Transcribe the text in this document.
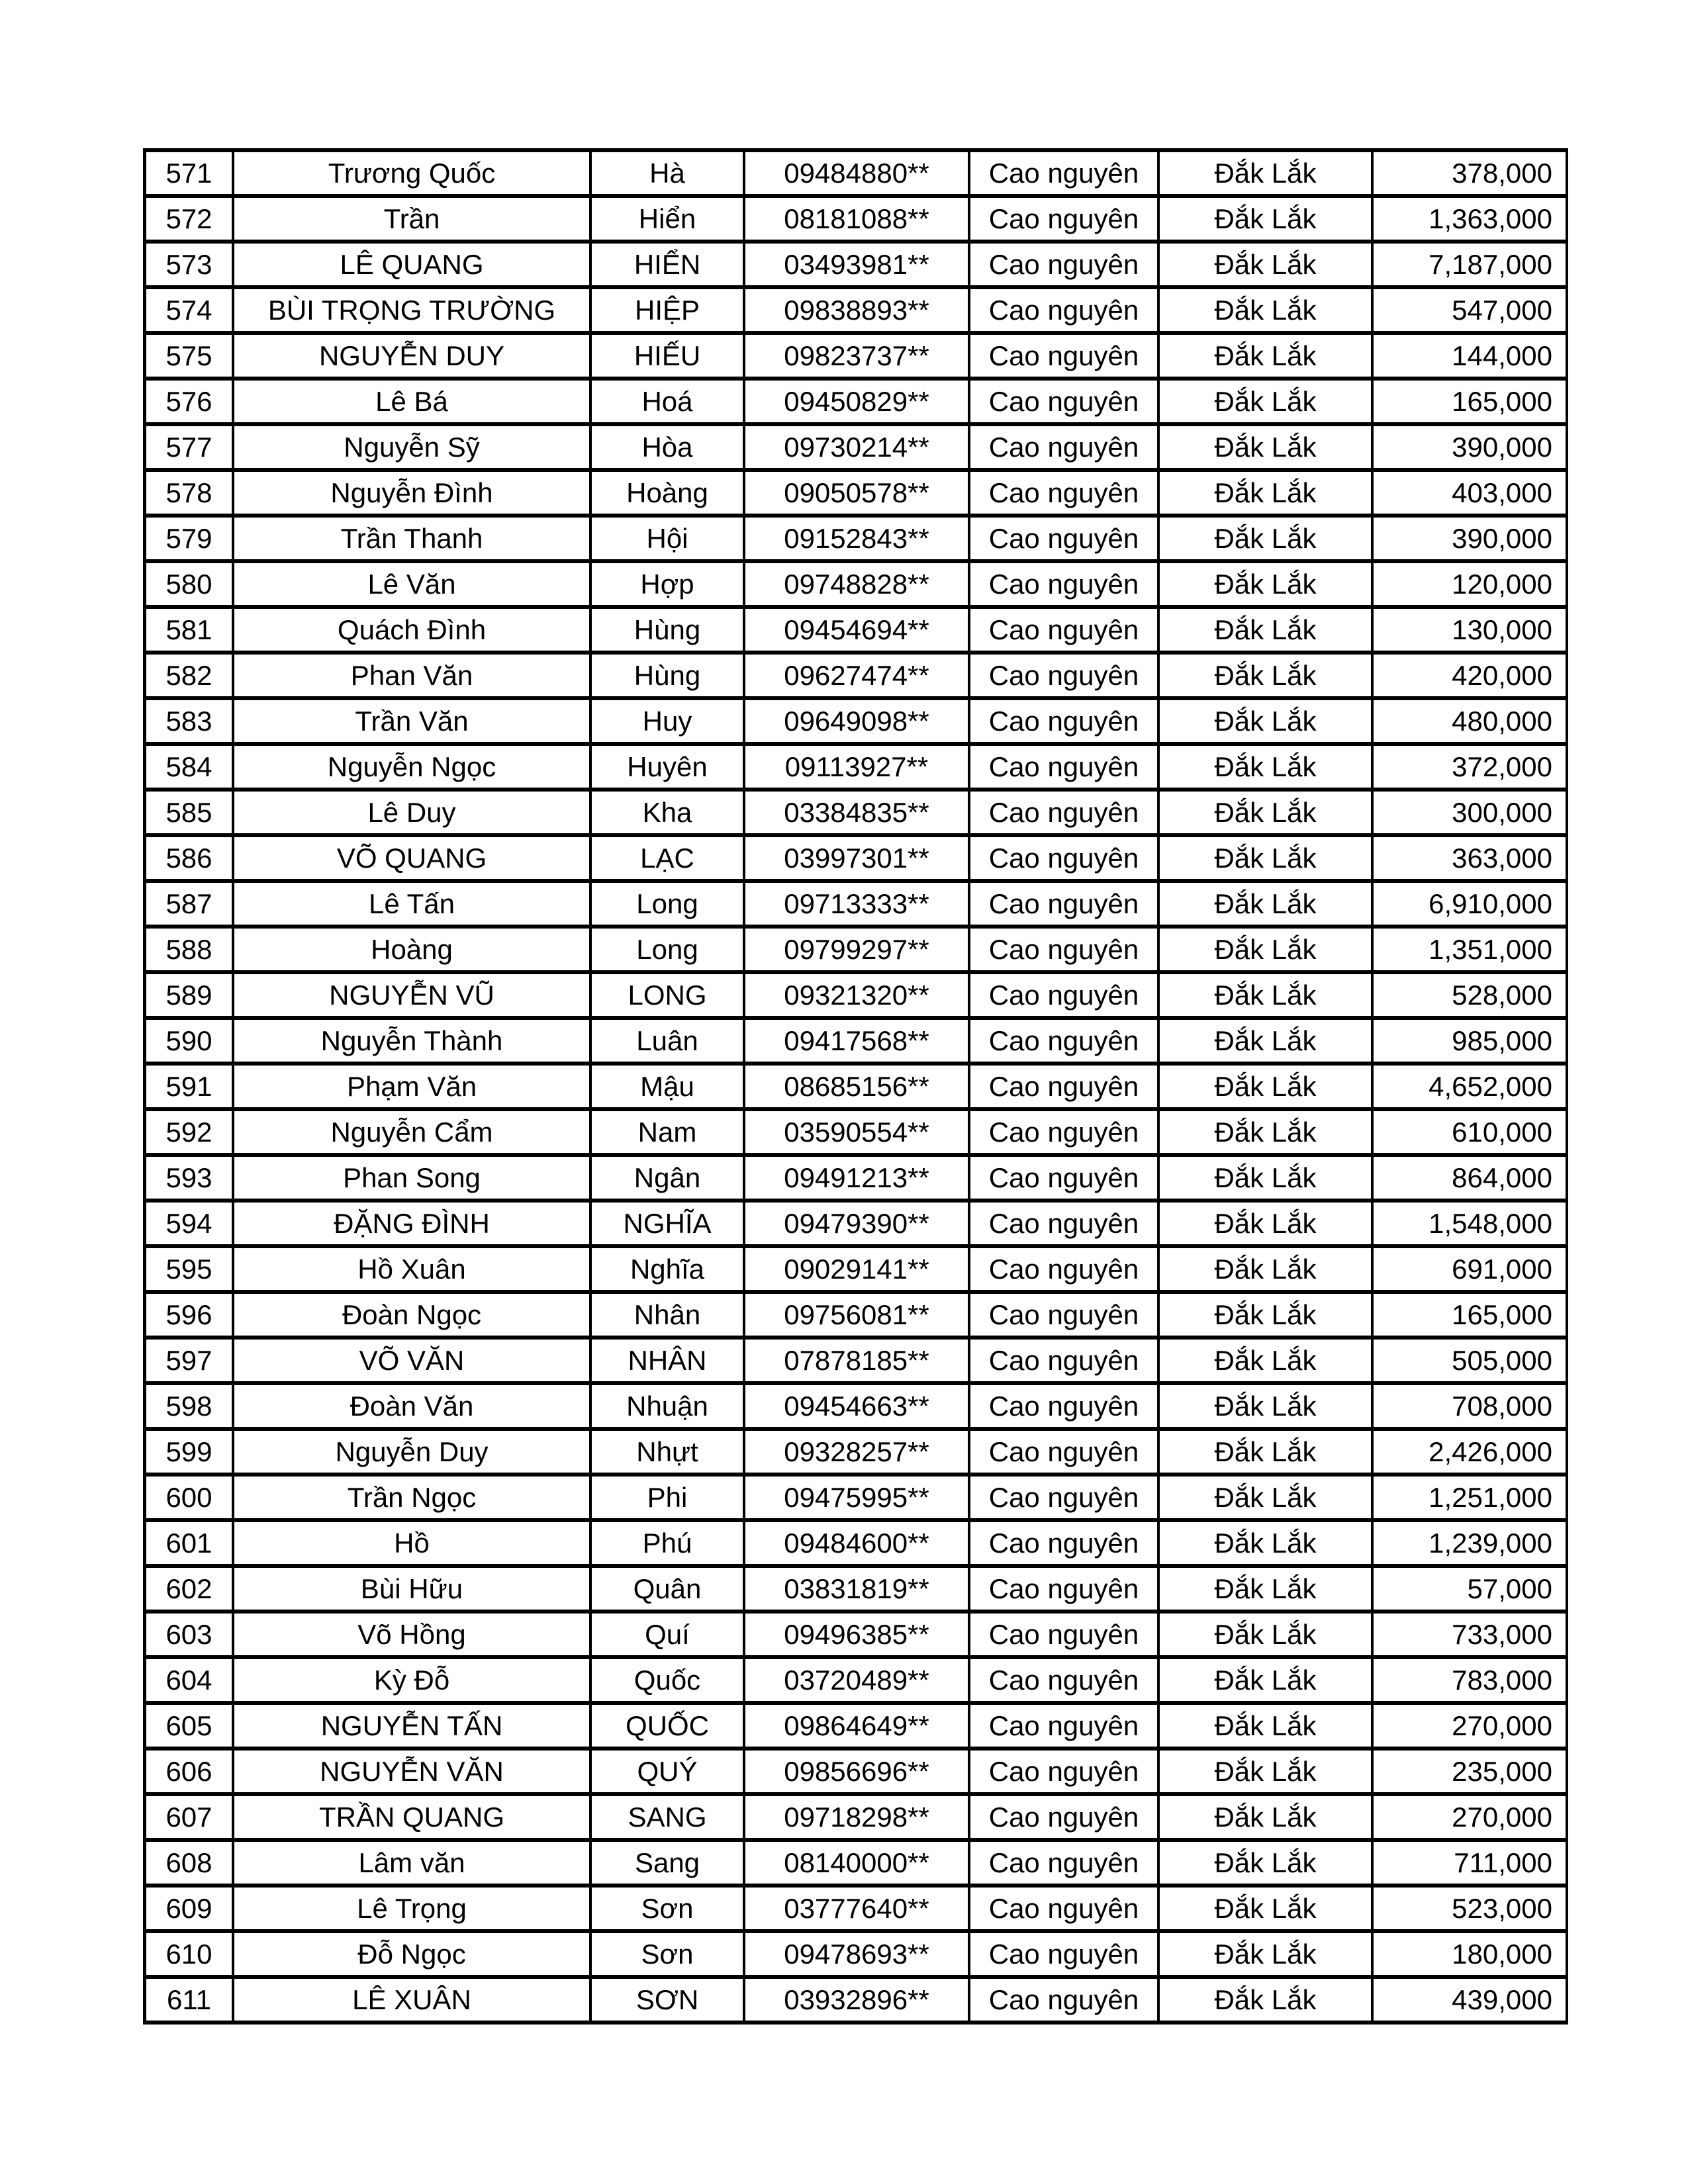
571	Trương Quốc	Hà	09484880**	Cao nguyên	Đắk Lắk	378,000
572	Trần	Hiển	08181088**	Cao nguyên	Đắk Lắk	1,363,000
573	LÊ QUANG	HIỂN	03493981**	Cao nguyên	Đắk Lắk	7,187,000
574	BÙI TRỌNG TRƯỜNG	HIỆP	09838893**	Cao nguyên	Đắk Lắk	547,000
575	NGUYỄN DUY	HIẾU	09823737**	Cao nguyên	Đắk Lắk	144,000
576	Lê Bá	Hoá	09450829**	Cao nguyên	Đắk Lắk	165,000
577	Nguyễn Sỹ	Hòa	09730214**	Cao nguyên	Đắk Lắk	390,000
578	Nguyễn Đình	Hoàng	09050578**	Cao nguyên	Đắk Lắk	403,000
579	Trần Thanh	Hội	09152843**	Cao nguyên	Đắk Lắk	390,000
580	Lê Văn	Hợp	09748828**	Cao nguyên	Đắk Lắk	120,000
581	Quách Đình	Hùng	09454694**	Cao nguyên	Đắk Lắk	130,000
582	Phan Văn	Hùng	09627474**	Cao nguyên	Đắk Lắk	420,000
583	Trần Văn	Huy	09649098**	Cao nguyên	Đắk Lắk	480,000
584	Nguyễn Ngọc	Huyên	09113927**	Cao nguyên	Đắk Lắk	372,000
585	Lê Duy	Kha	03384835**	Cao nguyên	Đắk Lắk	300,000
586	VÕ QUANG	LẠC	03997301**	Cao nguyên	Đắk Lắk	363,000
587	Lê Tấn	Long	09713333**	Cao nguyên	Đắk Lắk	6,910,000
588	Hoàng	Long	09799297**	Cao nguyên	Đắk Lắk	1,351,000
589	NGUYỄN VŨ	LONG	09321320**	Cao nguyên	Đắk Lắk	528,000
590	Nguyễn Thành	Luân	09417568**	Cao nguyên	Đắk Lắk	985,000
591	Phạm Văn	Mậu	08685156**	Cao nguyên	Đắk Lắk	4,652,000
592	Nguyễn Cẩm	Nam	03590554**	Cao nguyên	Đắk Lắk	610,000
593	Phan Song	Ngân	09491213**	Cao nguyên	Đắk Lắk	864,000
594	ĐẶNG ĐÌNH	NGHĨA	09479390**	Cao nguyên	Đắk Lắk	1,548,000
595	Hồ Xuân	Nghĩa	09029141**	Cao nguyên	Đắk Lắk	691,000
596	Đoàn Ngọc	Nhân	09756081**	Cao nguyên	Đắk Lắk	165,000
597	VÕ VĂN	NHÂN	07878185**	Cao nguyên	Đắk Lắk	505,000
598	Đoàn Văn	Nhuận	09454663**	Cao nguyên	Đắk Lắk	708,000
599	Nguyễn Duy	Nhựt	09328257**	Cao nguyên	Đắk Lắk	2,426,000
600	Trần Ngọc	Phi	09475995**	Cao nguyên	Đắk Lắk	1,251,000
601	Hồ	Phú	09484600**	Cao nguyên	Đắk Lắk	1,239,000
602	Bùi Hữu	Quân	03831819**	Cao nguyên	Đắk Lắk	57,000
603	Võ Hồng	Quí	09496385**	Cao nguyên	Đắk Lắk	733,000
604	Kỳ Đỗ	Quốc	03720489**	Cao nguyên	Đắk Lắk	783,000
605	NGUYỄN TẤN	QUỐC	09864649**	Cao nguyên	Đắk Lắk	270,000
606	NGUYỄN VĂN	QUÝ	09856696**	Cao nguyên	Đắk Lắk	235,000
607	TRẦN QUANG	SANG	09718298**	Cao nguyên	Đắk Lắk	270,000
608	Lâm văn	Sang	08140000**	Cao nguyên	Đắk Lắk	711,000
609	Lê Trọng	Sơn	03777640**	Cao nguyên	Đắk Lắk	523,000
610	Đỗ Ngọc	Sơn	09478693**	Cao nguyên	Đắk Lắk	180,000
611	LÊ XUÂN	SƠN	03932896**	Cao nguyên	Đắk Lắk	439,000
